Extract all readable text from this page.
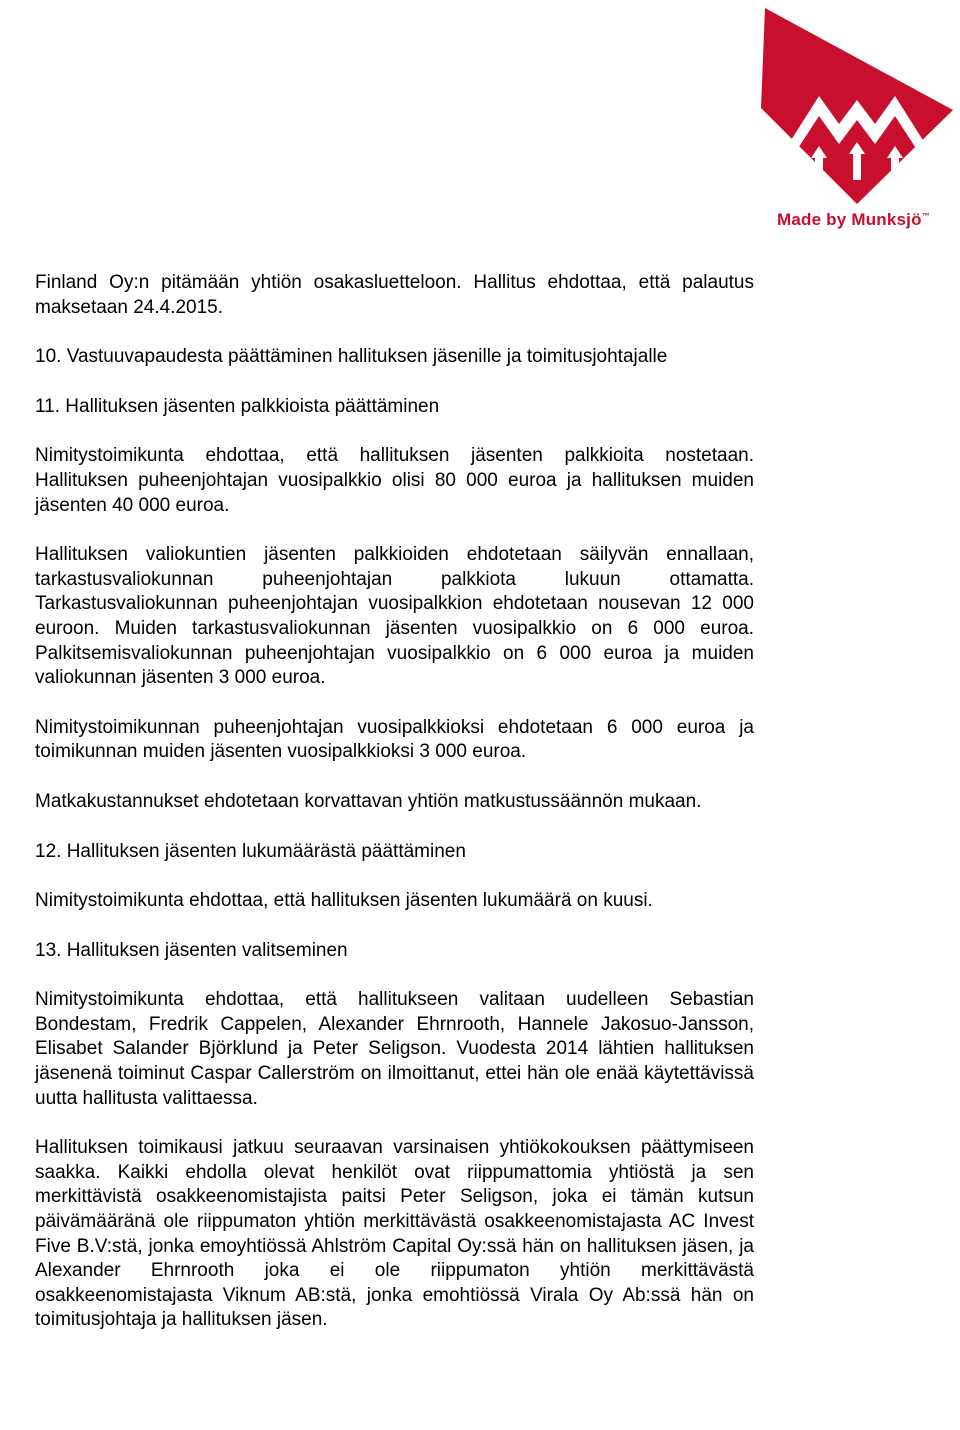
Made by Munksjö™
Finland Oy:n pitämään yhtiön osakasluetteloon. Hallitus ehdottaa, että palautus maksetaan 24.4.2015.
10. Vastuuvapaudesta päättäminen hallituksen jäsenille ja toimitusjohtajalle
11. Hallituksen jäsenten palkkioista päättäminen
Nimitystoimikunta ehdottaa, että hallituksen jäsenten palkkioita nostetaan. Hallituksen puheenjohtajan vuosipalkkio olisi 80 000 euroa ja hallituksen muiden jäsenten 40 000 euroa.
Hallituksen valiokuntien jäsenten palkkioiden ehdotetaan säilyvän ennallaan, tarkastusvaliokunnan puheenjohtajan palkkiota lukuun ottamatta. Tarkastusvaliokunnan puheenjohtajan vuosipalkkion ehdotetaan nousevan 12 000 euroon. Muiden tarkastusvaliokunnan jäsenten vuosipalkkio on 6 000 euroa. Palkitsemisvaliokunnan puheenjohtajan vuosipalkkio on 6 000 euroa ja muiden valiokunnan jäsenten 3 000 euroa.
Nimitystoimikunnan puheenjohtajan vuosipalkkioksi ehdotetaan 6 000 euroa ja toimikunnan muiden jäsenten vuosipalkkioksi 3 000 euroa.
Matkakustannukset ehdotetaan korvattavan yhtiön matkustussäännön mukaan.
12. Hallituksen jäsenten lukumäärästä päättäminen
Nimitystoimikunta ehdottaa, että hallituksen jäsenten lukumäärä on kuusi.
13. Hallituksen jäsenten valitseminen
Nimitystoimikunta ehdottaa, että hallitukseen valitaan uudelleen Sebastian Bondestam, Fredrik Cappelen, Alexander Ehrnrooth, Hannele Jakosuo-Jansson, Elisabet Salander Björklund ja Peter Seligson. Vuodesta 2014 lähtien hallituksen jäsenenä toiminut Caspar Callerström on ilmoittanut, ettei hän ole enää käytettävissä uutta hallitusta valittaessa.
Hallituksen toimikausi jatkuu seuraavan varsinaisen yhtiökokouksen päättymiseen saakka. Kaikki ehdolla olevat henkilöt ovat riippumattomia yhtiöstä ja sen merkittävistä osakkeenomistajista paitsi Peter Seligson, joka ei tämän kutsun päivämääränä ole riippumaton yhtiön merkittävästä osakkeenomistajasta AC Invest Five B.V:stä, jonka emoyhtiössä Ahlström Capital Oy:ssä hän on hallituksen jäsen, ja Alexander Ehrnrooth joka ei ole riippumaton yhtiön merkittävästä osakkeenomistajasta Viknum AB:stä, jonka emohtiössä Virala Oy Ab:ssä hän on toimitusjohtaja ja hallituksen jäsen.
